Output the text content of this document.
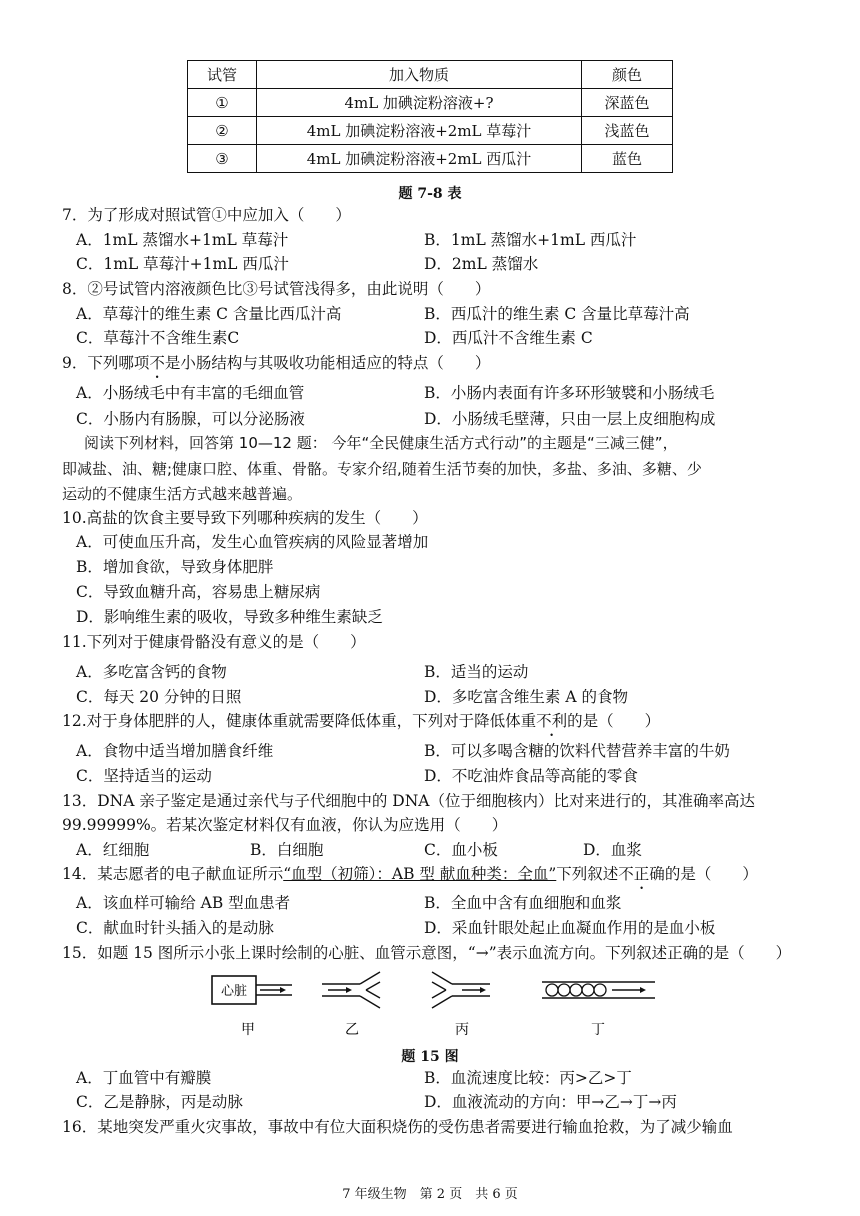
试管	加入物质	颜色
①	4mL 加碘淀粉溶液+?	深蓝色
②	4mL 加碘淀粉溶液+2mL 草莓汁	浅蓝色
③	4mL 加碘淀粉溶液+2mL 西瓜汁	蓝色
题 7-8 表
7．为了形成对照试管①中应加入（　　）
A．1mL 蒸馏水+1mL 草莓汁	B．1mL 蒸馏水+1mL 西瓜汁
C．1mL 草莓汁+1mL 西瓜汁	D．2mL 蒸馏水
8．②号试管内溶液颜色比③号试管浅得多，由此说明（　　）
A．草莓汁的维生素 C 含量比西瓜汁高	B．西瓜汁的维生素 C 含量比草莓汁高
C．草莓汁不含维生素C	D．西瓜汁不含维生素 C
9．下列哪项不是小肠结构与其吸收功能相适应的特点（　　）
A．小肠绒毛中有丰富的毛细血管	B．小肠内表面有许多环形皱襞和小肠绒毛
C．小肠内有肠腺，可以分泌肠液	D．小肠绒毛壁薄，只由一层上皮细胞构成
阅读下列材料，回答第 10—12 题： 今年“全民健康生活方式行动”的主题是“三减三健”，
即减盐、油、糖;健康口腔、体重、骨骼。专家介绍,随着生活节奏的加快，多盐、多油、多糖、少
运动的不健康生活方式越来越普遍。
10.高盐的饮食主要导致下列哪种疾病的发生（　　）
A．可使血压升高，发生心血管疾病的风险显著增加
B．增加食欲，导致身体肥胖
C．导致血糖升高，容易患上糖尿病
D．影响维生素的吸收，导致多种维生素缺乏
11.下列对于健康骨骼没有意义的是（　　）
A．多吃富含钙的食物	B．适当的运动
C．每天 20 分钟的日照	D．多吃富含维生素 A 的食物
12.对于身体肥胖的人，健康体重就需要降低体重，下列对于降低体重不利的是（　　）
A．食物中适当增加膳食纤维	B．可以多喝含糖的饮料代替营养丰富的牛奶
C．坚持适当的运动	D．不吃油炸食品等高能的零食
13．DNA 亲子鉴定是通过亲代与子代细胞中的 DNA（位于细胞核内）比对来进行的，其准确率高达
99.99999%。若某次鉴定材料仅有血液，你认为应选用（　　）
A．红细胞	B．白细胞	C．血小板	D．血浆
14．某志愿者的电子献血证所示“血型（初筛）：AB 型 献血种类：全血”下列叙述不正确的是（　　）
A．该血样可输给 AB 型血患者	B．全血中含有血细胞和血浆
C．献血时针头插入的是动脉	D．采血针眼处起止血凝血作用的是血小板
15．如题 15 图所示小张上课时绘制的心脏、血管示意图，“→”表示血流方向。下列叙述正确的是（　　）
心脏
甲	乙	丙	丁
题 15 图
A．丁血管中有瓣膜	B．血流速度比较：丙>乙>丁
C．乙是静脉，丙是动脉	D．血液流动的方向：甲→乙→丁→丙
16．某地突发严重火灾事故，事故中有位大面积烧伤的受伤患者需要进行输血抢救，为了减少输血
7 年级生物　第 2 页　共 6 页
